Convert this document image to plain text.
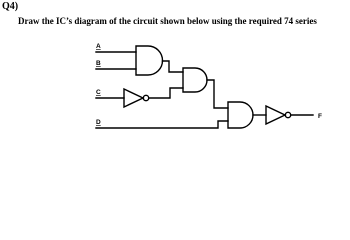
Q4)
Draw the IC’s diagram of the circuit shown below using the required 74 series
A
B
C
D
F
